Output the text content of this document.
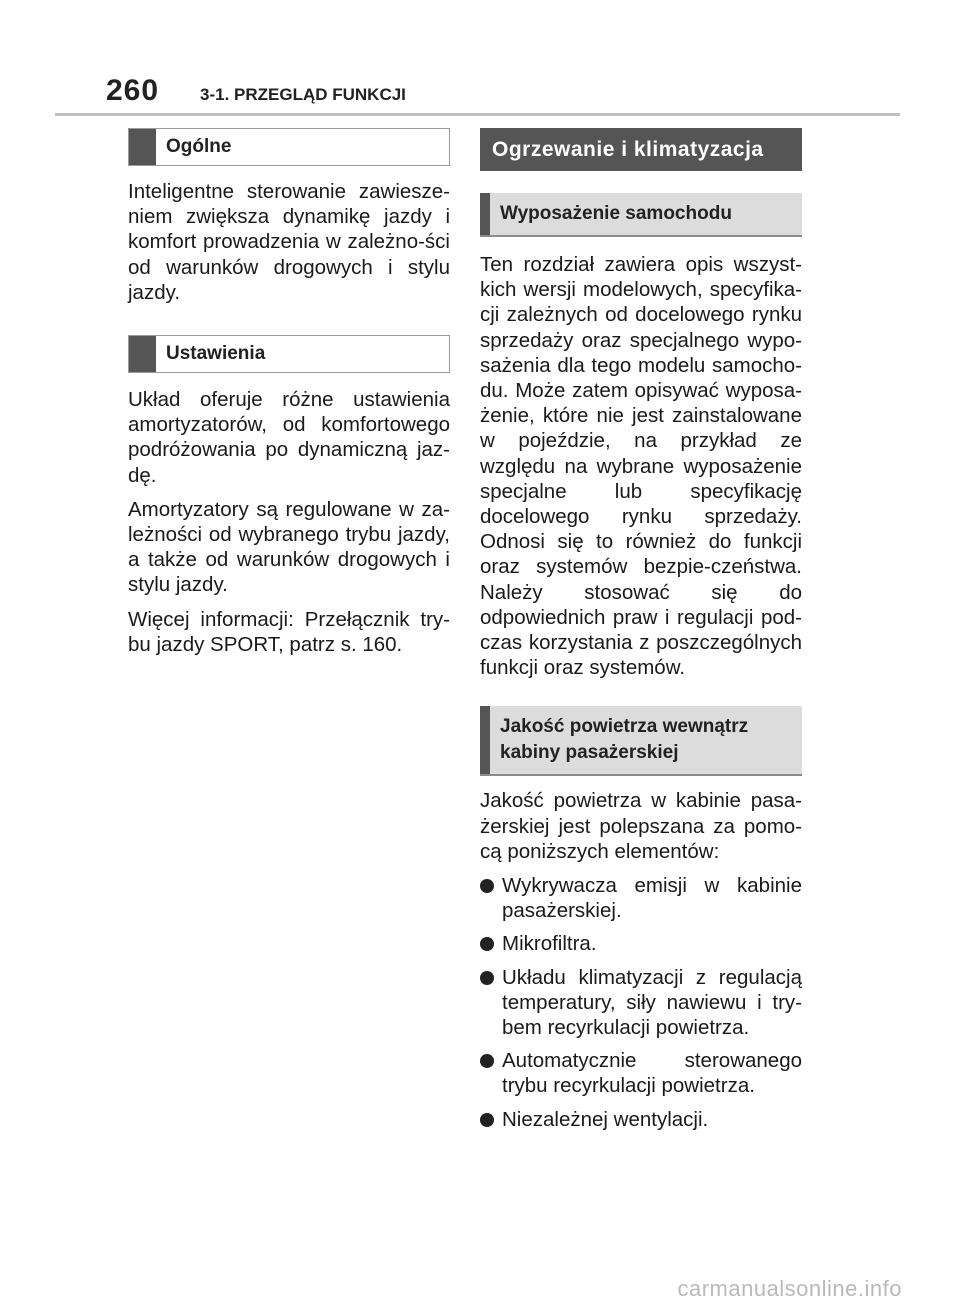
260 3-1. PRZEGLĄD FUNKCJI
Ogólne

Inteligentne sterowanie zawiesze-niem zwiększa dynamikę jazdy i komfort prowadzenia w zależno-ści od warunków drogowych i stylu jazdy.

Ustawienia

Układ oferuje różne ustawienia amortyzatorów, od komfortowego podróżowania po dynamiczną jaz-dę.

Amortyzatory są regulowane w za-leżności od wybranego trybu jazdy, a także od warunków drogowych i stylu jazdy.

Więcej informacji: Przełącznik try-bu jazdy SPORT, patrz s. 160.

Ogrzewanie i klimatyzacja
Wyposażenie samochodu

Ten rozdział zawiera opis wszyst-kich wersji modelowych, specyfika-cji zależnych od docelowego rynku sprzedaży oraz specjalnego wypo-sażenia dla tego modelu samocho-du. Może zatem opisywać wyposa-żenie, które nie jest zainstalowane w pojeździe, na przykład ze względu na wybrane wyposażenie specjalne lub specyfikację docelowego rynku sprzedaży. Odnosi się to również do funkcji oraz systemów bezpie-czeństwa. Należy stosować się do odpowiednich praw i regulacji pod-czas korzystania z poszczególnych funkcji oraz systemów.

Jakość powietrza wewnątrz
kabiny pasażerskiej

Jakość powietrza w kabinie pasa-żerskiej jest polepszana za pomo-cą poniższych elementów:

Wykrywacza emisji w kabinie pasażerskiej.
Mikrofiltra.
Układu klimatyzacji z regulacją temperatury, siły nawiewu i try-bem recyrkulacji powietrza.
Automatycznie sterowanego trybu recyrkulacji powietrza.
Niezależnej wentylacji.
carmanualsonline.info
